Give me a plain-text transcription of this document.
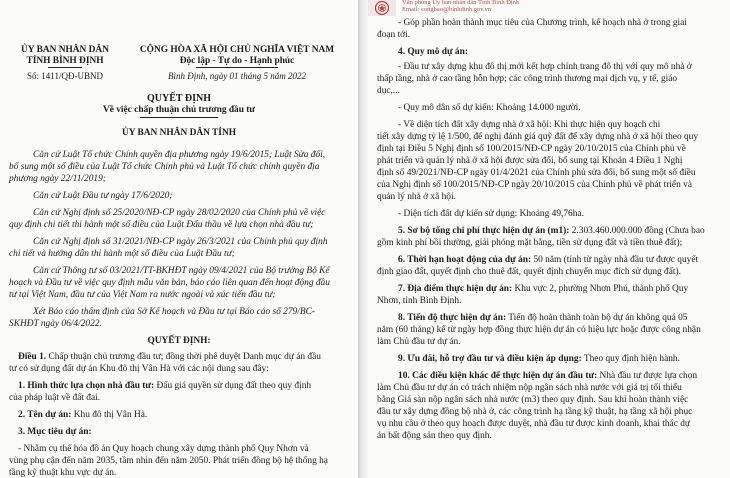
ỦY BAN NHÂN DÂN
TỈNH BÌNH ĐỊNH
Số: 1411/QĐ-UBND
CỘNG HÒA XÃ HỘI CHỦ NGHĨA VIỆT NAM
Độc lập - Tự do - Hạnh phúc
Bình Định, ngày 01 tháng 5 năm 2022
QUYẾT ĐỊNH
Về việc chấp thuận chủ trương đầu tư
ỦY BAN NHÂN DÂN TỈNH
Căn cứ Luật Tổ chức Chính quyền địa phương ngày 19/6/2015; Luật Sửa đổi,
bổ sung một số điều của Luật Tổ chức Chính phủ và Luật Tổ chức chính quyền địa
phương ngày 22/11/2019;
Căn cứ Luật Đầu tư ngày 17/6/2020;
Căn cứ Nghị định số 25/2020/NĐ-CP ngày 28/02/2020 của Chính phủ về việc
quy định chi tiết thi hành một số điều của Luật Đấu thầu về lựa chọn nhà đầu tư;
Căn cứ Nghị định số 31/2021/NĐ-CP ngày 26/3/2021 của Chính phủ quy định
chi tiết và hướng dẫn thi hành một số điều của Luật Đầu tư;
Căn cứ Thông tư số 03/2021/TT-BKHĐT ngày 09/4/2021 của Bộ trưởng Bộ Kế
hoạch và Đầu tư về việc quy định mẫu văn bản, báo cáo liên quan đến hoạt động đầu
tư tại Việt Nam, đầu tư của Việt Nam ra nước ngoài và xúc tiến đầu tư;
Xét Báo cáo thẩm định của Sở Kế hoạch và Đầu tư tại Báo cáo số 279/BC-
SKHĐT ngày 06/4/2022.
QUYẾT ĐỊNH:
Điều 1. Chấp thuận chủ trương đầu tư; đồng thời phê duyệt Danh mục dự án đầu
tư có sử dụng đất dự án Khu đô thị Vân Hà với các nội dung sau đây:
1. Hình thức lựa chọn nhà đầu tư: Đấu giá quyền sử dụng đất theo quy định
của pháp luật về đất đai.
2. Tên dự án: Khu đô thị Vân Hà.
3. Mục tiêu dự án:
- Nhằm cụ thể hóa đồ án Quy hoạch chung xây dựng thành phố Quy Nhơn và
vùng phụ cận đến năm 2035, tầm nhìn đến năm 2050. Phát triển đồng bộ hệ thống hạ
tầng kỹ thuật khu vực dự án.
Văn phòng Ủy ban nhân dân Tỉnh Bình Định
Email: congbao@binhdinh.gov.vn
- Góp phần hoàn thành mục tiêu của Chương trình, kế hoạch nhà ở trong giai
đoạn tới.
4. Quy mô dự án:
- Đầu tư xây dựng khu đô thị mới kết hợp chỉnh trang đô thị với quy mô nhà ở
thấp tầng, nhà ở cao tầng hỗn hợp; các công trình thương mại dịch vụ, y tế, giáo
dục,...
- Quy mô dân số dự kiến: Khoảng 14.000 người.
- Về diện tích đất xây dựng nhà ở xã hội: Khi thực hiện quy hoạch chi
tiết xây dựng tỷ lệ 1/500, để nghị đánh giá quỹ đất để xây dựng nhà ở xã hội theo quy
định tại Điều 5 Nghị định số 100/2015/NĐ-CP ngày 20/10/2015 của Chính phủ về
phát triển và quản lý nhà ở xã hội được sửa đổi, bổ sung tại Khoản 4 Điều 1 Nghị
định số 49/2021/NĐ-CP ngày 01/4/2021 của Chính phủ sửa đổi, bổ sung một số điều
của Nghị định số 100/2015/NĐ-CP ngày 20/10/2015 của Chính phủ về phát triển và
quản lý nhà ở xã hội.
- Diện tích đất dự kiến sử dụng: Khoảng 49,76ha.
5. Sơ bộ tổng chi phí thực hiện dự án (m1): 2.303.460.000.000 đồng (Chưa bao
gồm kinh phí bồi thường, giải phóng mặt bằng, tiền sử dụng đất và tiền thuê đất);
6. Thời hạn hoạt động của dự án: 50 năm (tính từ ngày nhà đầu tư được quyết
định giao đất, quyết định cho thuê đất, quyết định chuyển mục đích sử dụng đất).
7. Địa điểm thực hiện dự án: Khu vực 2, phường Nhơn Phú, thành phố Quy
Nhơn, tỉnh Bình Định.
8. Tiến độ thực hiện dự án: Tiến độ hoàn thành toàn bộ dự án không quá 05
năm (60 tháng) kể từ ngày hợp đồng thực hiện dự án có hiệu lực hoặc được công nhận
làm Chủ đầu tư dự án.
9. Ưu đãi, hỗ trợ đầu tư và điều kiện áp dụng: Theo quy định hiện hành.
10. Các điều kiện khác để thực hiện dự án đầu tư: Nhà đầu tư được lựa chọn
làm Chủ đầu tư dự án có trách nhiệm nộp ngân sách nhà nước với giá trị tối thiểu
bằng Giá sàn nộp ngân sách nhà nước (m3) theo quy định. Sau khi hoàn thành việc
đầu tư xây dựng đồng bộ nhà ở, các công trình hạ tầng kỹ thuật, hạ tầng xã hội phục
vụ nhu cầu ở theo quy hoạch được duyệt, nhà đầu tư được kinh doanh, khai thác dự
án bất động sản theo quy định.
